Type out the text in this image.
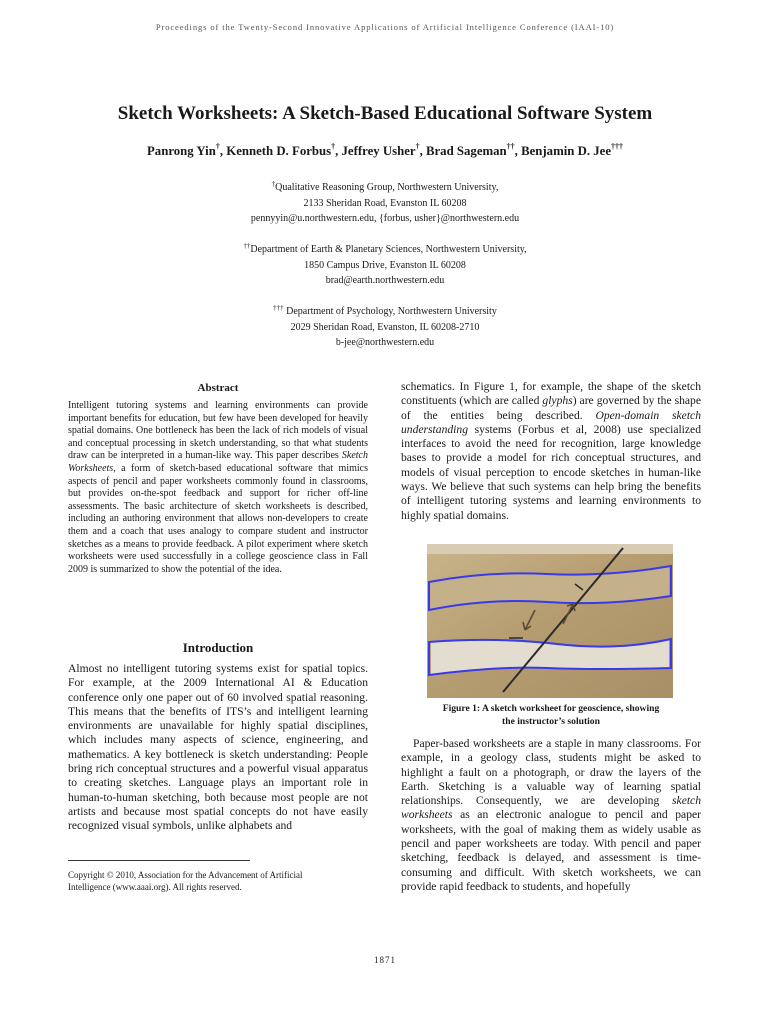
Proceedings of the Twenty-Second Innovative Applications of Artificial Intelligence Conference (IAAI-10)
Sketch Worksheets: A Sketch-Based Educational Software System
Panrong Yin†, Kenneth D. Forbus†, Jeffrey Usher†, Brad Sageman††, Benjamin D. Jee†††
†Qualitative Reasoning Group, Northwestern University,
2133 Sheridan Road, Evanston IL 60208
pennyyin@u.northwestern.edu, {forbus, usher}@northwestern.edu
††Department of Earth & Planetary Sciences, Northwestern University,
1850 Campus Drive, Evanston IL 60208
brad@earth.northwestern.edu
††† Department of Psychology, Northwestern University
2029 Sheridan Road, Evanston, IL 60208-2710
b-jee@northwestern.edu
Abstract
Intelligent tutoring systems and learning environments can provide important benefits for education, but few have been developed for heavily spatial domains. One bottleneck has been the lack of rich models of visual and conceptual processing in sketch understanding, so that what students draw can be interpreted in a human-like way. This paper describes Sketch Worksheets, a form of sketch-based educational software that mimics aspects of pencil and paper worksheets commonly found in classrooms, but provides on-the-spot feedback and support for richer off-line assessments. The basic architecture of sketch worksheets is described, including an authoring environment that allows non-developers to create them and a coach that uses analogy to compare student and instructor sketches as a means to provide feedback. A pilot experiment where sketch worksheets were used successfully in a college geoscience class in Fall 2009 is summarized to show the potential of the idea.
Introduction
Almost no intelligent tutoring systems exist for spatial topics. For example, at the 2009 International AI & Education conference only one paper out of 60 involved spatial reasoning. This means that the benefits of ITS’s and intelligent learning environments are unavailable for highly spatial disciplines, which includes many aspects of science, engineering, and mathematics. A key bottleneck is sketch understanding: People bring rich conceptual structures and a powerful visual apparatus to creating sketches. Language plays an important role in human-to-human sketching, both because most people are not artists and because most spatial concepts do not have easily recognized visual symbols, unlike alphabets and
Copyright © 2010, Association for the Advancement of Artificial
Intelligence (www.aaai.org). All rights reserved.
schematics. In Figure 1, for example, the shape of the sketch constituents (which are called glyphs) are governed by the shape of the entities being described. Open-domain sketch understanding systems (Forbus et al, 2008) use specialized interfaces to avoid the need for recognition, large knowledge bases to provide a model for rich conceptual structures, and models of visual perception to encode sketches in human-like ways. We believe that such systems can help bring the benefits of intelligent tutoring systems and learning environments to highly spatial domains.
Figure 1: A sketch worksheet for geoscience, showing
the instructor’s solution
Paper-based worksheets are a staple in many classrooms. For example, in a geology class, students might be asked to highlight a fault on a photograph, or draw the layers of the Earth. Sketching is a valuable way of learning spatial relationships. Consequently, we are developing sketch worksheets as an electronic analogue to pencil and paper worksheets, with the goal of making them as widely usable as pencil and paper worksheets are today. With pencil and paper sketching, feedback is delayed, and assessment is time-consuming and difficult. With sketch worksheets, we can provide rapid feedback to students, and hopefully
1871
